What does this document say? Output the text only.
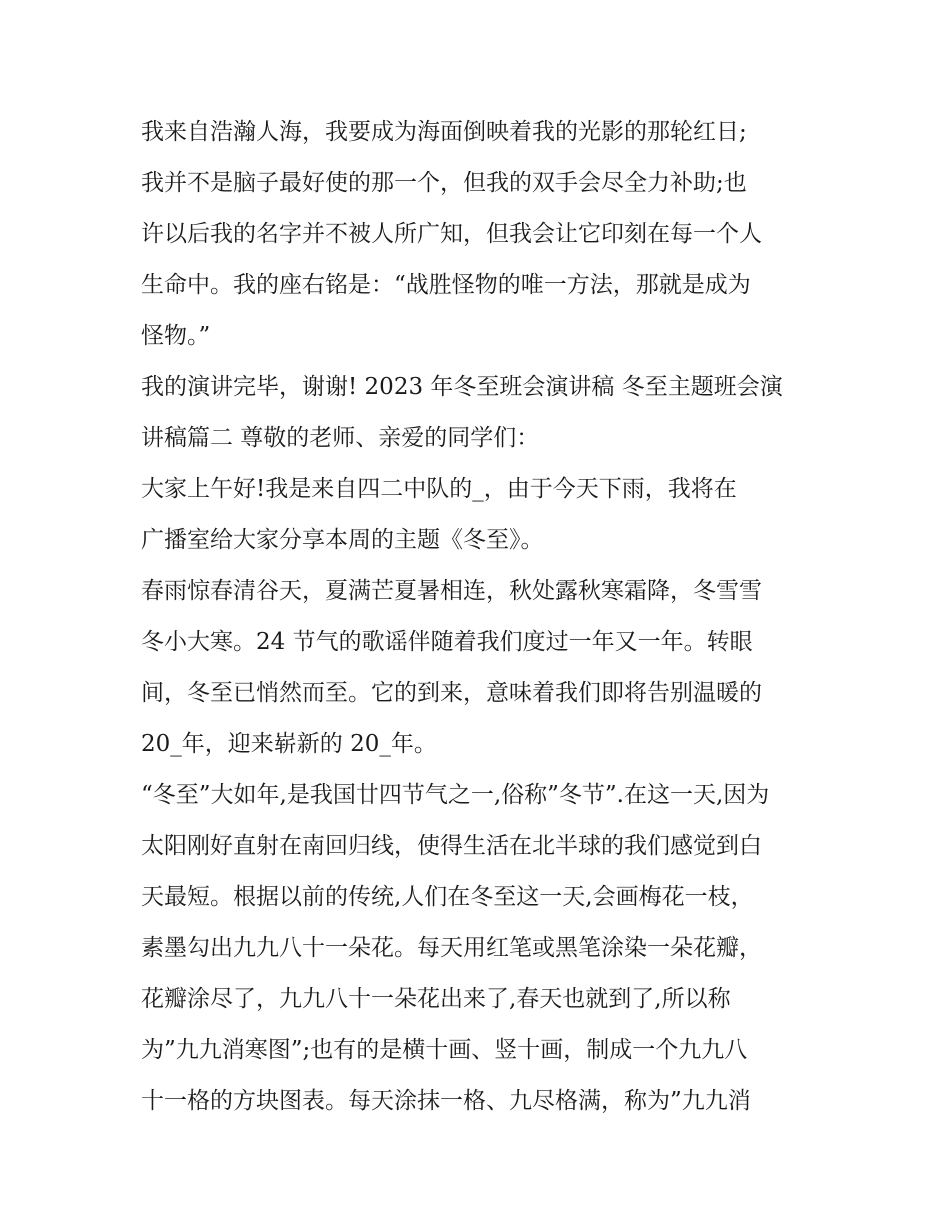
我来自浩瀚人海，我要成为海面倒映着我的光影的那轮红日;
我并不是脑子最好使的那一个，但我的双手会尽全力补助;也
许以后我的名字并不被人所广知，但我会让它印刻在每一个人
生命中。我的座右铭是：“战胜怪物的唯一方法，那就是成为
怪物。”
我的演讲完毕，谢谢! 2023 年冬至班会演讲稿 冬至主题班会演
讲稿篇二 尊敬的老师、亲爱的同学们：
大家上午好!我是来自四二中队的_，由于今天下雨，我将在
广播室给大家分享本周的主题《冬至》。
春雨惊春清谷天，夏满芒夏暑相连，秋处露秋寒霜降，冬雪雪
冬小大寒。24 节气的歌谣伴随着我们度过一年又一年。转眼
间，冬至已悄然而至。它的到来，意味着我们即将告别温暖的
20_年，迎来崭新的 20_年。
“冬至”大如年,是我国廿四节气之一,俗称”冬节”.在这一天,因为
太阳刚好直射在南回归线，使得生活在北半球的我们感觉到白
天最短。根据以前的传统,人们在冬至这一天,会画梅花一枝，
素墨勾出九九八十一朵花。每天用红笔或黑笔涂染一朵花瓣，
花瓣涂尽了，九九八十一朵花出来了,春天也就到了,所以称
为”九九消寒图”;也有的是横十画、竖十画，制成一个九九八
十一格的方块图表。每天涂抹一格、九尽格满，称为”九九消
